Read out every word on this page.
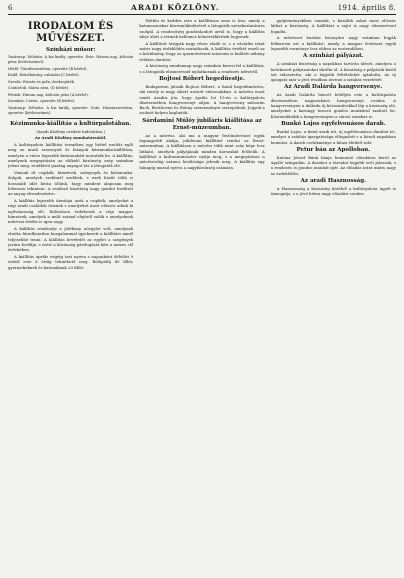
6	ARADI KÖZLÖNY.	1914. április 8.
IRODALOM ÉS MŰVÉSZET.
Színházi műsor:

Vasárnap: Délután: A kis király, operette. Este: Három nap, kölcsön pénz (bérletszünet).

Hétfő: Tündérszerelem, operette (B bérlet).

Kedd: Ezüstbárány, ruházási (C bérlet).

Szerda: Rózsás és pofa, énekesjáték.

Csütörtök: Mária néni, (D bérlet).

Péntek: Három nap, kölcsön pénz (A bérlet).

Szombat: Lőrinc, operette (B bérlet).

Vasárnap: Délután: A kis király, operette. Este: Huszárszerelem, operette (bérletszünet).

Kézimunka-kiállítás a kultúrpalotában.

(Aradi Közlöny eredeti tudósítása.)

Az Aradi Közlöny munkatársától.

A kultúrpalota kiállítási termében egy héttel ezelőtt nyílt meg az aradi asszonyok és leányok kézimunka-kiállítása, amelyen a város legszebb kézimunkáit mutatták be. A kiállítás, amelynek megnyitásán az előkelő közönség szép számban jelent meg, rendkívül gazdag anyagot tár a látogatók elé.

Vannak itt csipkék, hímzések, szőnyegek és kézimunka-dolgok, amelyek szebbnél szebbek, s ezek közül több is hosszabb időt kíván tőlünk, hogy mindent alaposan meg lehessen tekinteni. A rendező bizottság nagy gondot fordított az anyag elrendezésére.

A kiállítás legszebb darabjai azok a csipkék, amelyeket a régi aradi családok őriznek s amelyeket most először adtak ki nyilvánosság elé. Különösen érdekesek a régi magyar hímzések, amelyek a múlt század elejéről valók s amelyeknek művészi értéke is igen nagy.

A kiállítás rendezője a jótékony nőegylet volt, amelynek elnöke fáradhatatlan buzgalommal igyekezett a kiállítást minél teljesebbé tenni. A kiállítás bevételét az egylet a szegények javára fordítja, s ezért a közönség pártfogását kéri a nemes cél érdekében.

A kiállítás április végéig tart nyitva s naponként délelőtt 9 órától este 6 óráig tekinthető meg. Belépődíj 40 fillér, gyermekeknek és katonáknak 20 fillér.

Hétfőn és kedden este a kiállításon zene is lesz, amely a katonazenekar közreműködésével a látogatók szórakoztatására szolgál. A rendezőség gondoskodott arról is, hogy a kiállítás ideje alatt a termek kellemes hőmérsékletűek legyenek.

A kiállított tárgyak nagy része eladó is, s a vásárlás iránt máris nagy érdeklődés mutatkozik. A kiállítás értékét emeli az a körülmény, hogy az iparművészeti múzeum is küldött néhány értékes darabot.

A közönség mindennap nagy számban keresi fel a kiállítást, s a látogatók elismeréssel nyilatkoznak a rendezés ízléséről.

Bojtosi Róbert hegedűestje.

Budapesten játszik Bojtosi Róbert, a fiatal hegedűművész, aki tavaly is nagy sikert aratott városunkban. A művész most ismét Aradra jön, hogy április hó 15-én a kultúrpalota dísztermében hangversenyt adjon. A hangverseny műsorán Bach, Beethoven és Hubay szerzeményei szerepelnek. Jegyek a szokott helyen kaphatók.

Sárdamini Múlóy jubiláris kiállítása az Ernst-múzeumban.

Az a művész, aki ma a magyar festőművészet egyik legnagyobb alakja, jubileumi kiállítást rendez az Ernst-múzeumban. A kiállításon a művész több mint száz képe lesz látható, amelyek pályájának minden korszakát felölelik. A kiállítást a kultuszminiszter nyitja meg, s a megnyitáson a művészvilág számos kiválósága jelenik meg. A kiállítás egy hónapig marad nyitva a nagyközönség számára.

gyűjteményekben vannak, s közülük sokat most először láthat a közönség. A kiállítást a sajtó is nagy elismeréssel fogadta.

A művészet barátai bizonyára nagy számban fogják felkeresni ezt a kiállítást, amely a magyar festészet egyik legszebb eseménye lesz ebben az esztendőben.

A színházi pályázat.

A színházi bizottság a napokban tartotta ülését, amelyen a beérkezett pályázatokat bírálta el. A bizottság a pályázók közül azt választotta, aki a legjobb feltételeket ajánlotta. Az új igazgató már a jövő évadban átveszi a színház vezetését.

Az Aradi Dalárda hangversenye.

Az Aradi Dalárda húsvét hétfőjén este a kultúrpalota dísztermében nagyszabású hangversenyt rendez. A hangversenyen a dalárda új kórusművekkel lép a közönség elé, amelyeket a karnagy hosszú gondos munkával tanított be. Közreműködik a hangversenyen a városi zenekar is.

Bunkó Lajos egyfelvonásos darab.

Bunkó Lajos, a fiatal aradi író, új egyfelvonásos darabot írt, amelyet a színház igazgatósága elfogadott s a közeli napokban bemutat. A darab cselekménye a falusi életből való.

Petur bán az Apolloban.

Katona József Bánk bánja bemutató előadásra kerül az Apolló színpadán. A darabot a társulat legjobb erői játsszák, s a rendezés is gondos munkát ígér. Az előadás iránt máris nagy az érdeklődés.

Az aradi Hasznosság.

A Hasznosság a közönség köréből a kultúrpalota ügyét is támogatja, s a jövő héten nagy előadást rendez.
